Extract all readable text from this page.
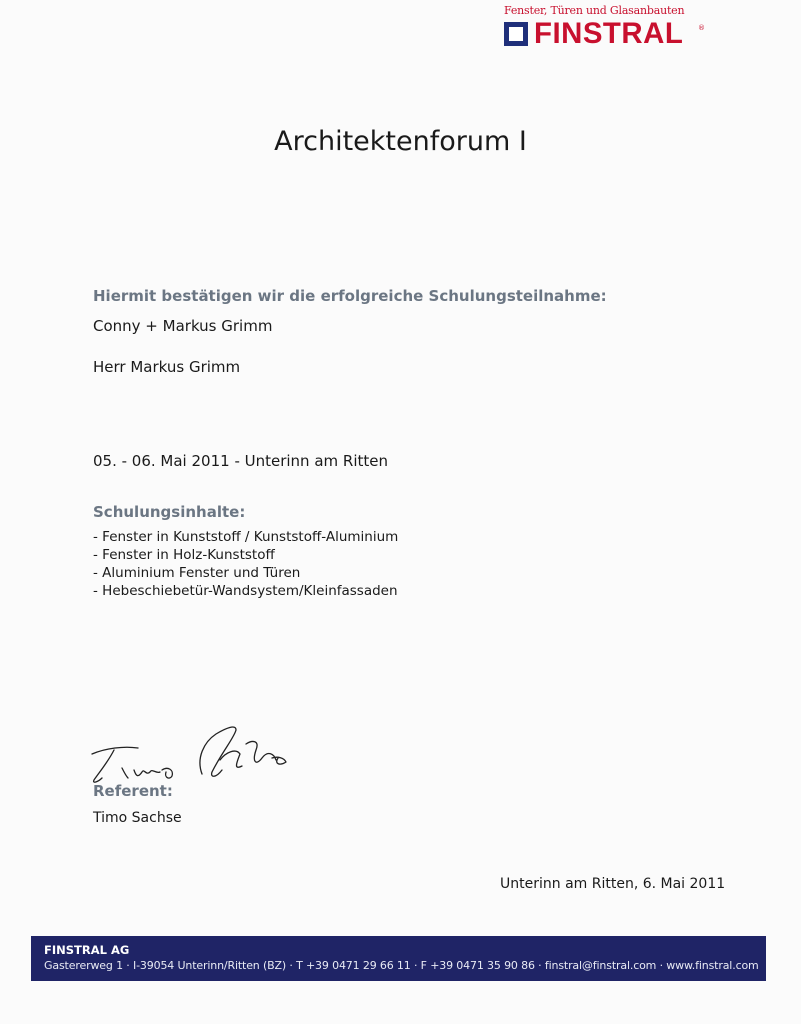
Fenster, Türen und Glasanbauten
FINSTRAL ®
Architektenforum I
Hiermit bestätigen wir die erfolgreiche Schulungsteilnahme:
Conny + Markus Grimm
Herr Markus Grimm
05. - 06. Mai 2011 - Unterinn am Ritten
Schulungsinhalte:
- Fenster in Kunststoff / Kunststoff-Aluminium
- Fenster in Holz-Kunststoff
- Aluminium Fenster und Türen
- Hebeschiebetür-Wandsystem/Kleinfassaden
Referent:
Timo Sachse
Unterinn am Ritten, 6. Mai 2011
FINSTRAL AG
Gastererweg 1 · I-39054 Unterinn/Ritten (BZ) · T +39 0471 29 66 11 · F +39 0471 35 90 86 · finstral@finstral.com · www.finstral.com
